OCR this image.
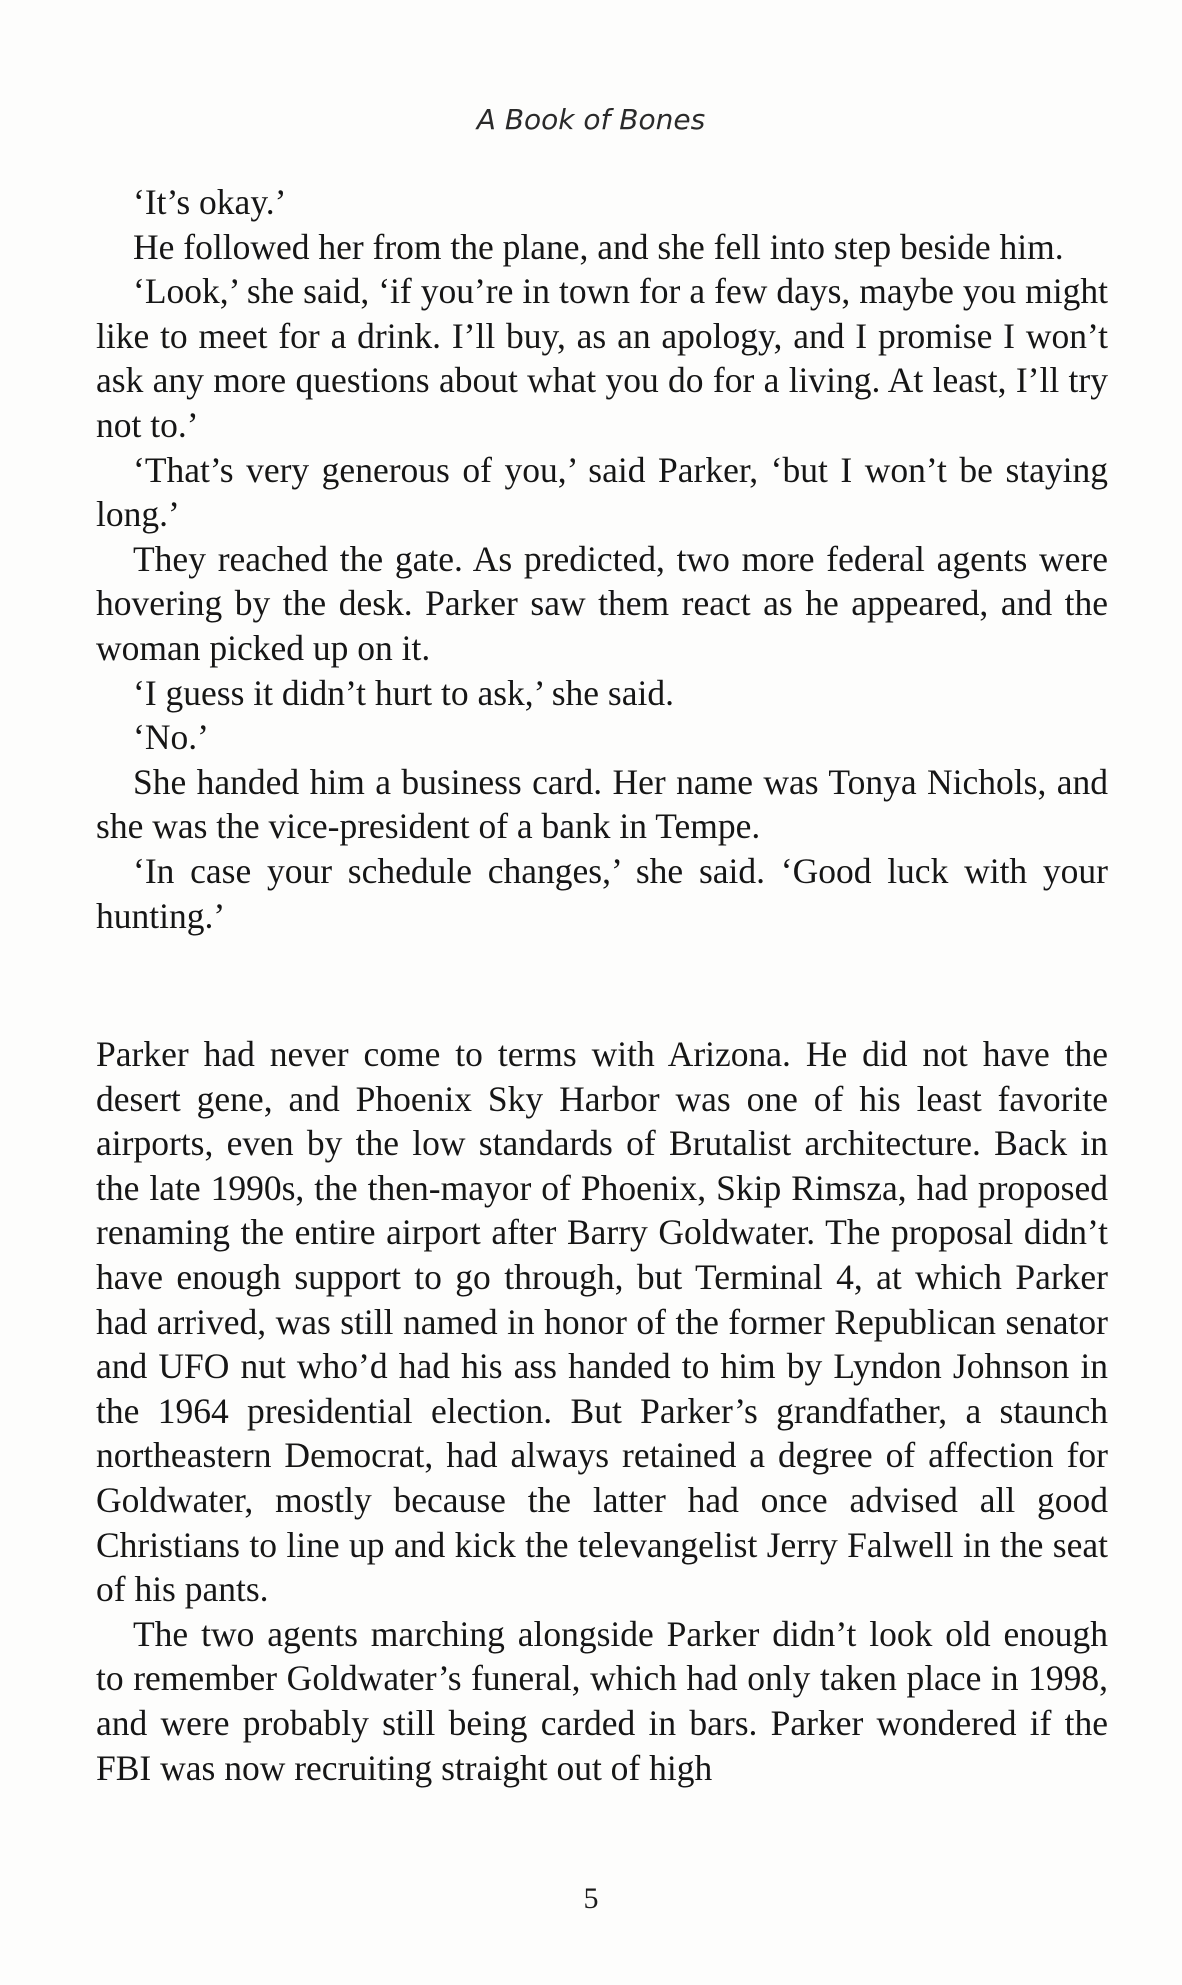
A Book of Bones

‘It’s okay.’

He followed her from the plane, and she fell into step beside him.

‘Look,’ she said, ‘if you’re in town for a few days, maybe you might like to meet for a drink. I’ll buy, as an apology, and I promise I won’t ask any more questions about what you do for a living. At least, I’ll try not to.’

‘That’s very generous of you,’ said Parker, ‘but I won’t be staying long.’

They reached the gate. As predicted, two more federal agents were hovering by the desk. Parker saw them react as he appeared, and the woman picked up on it.

‘I guess it didn’t hurt to ask,’ she said.

‘No.’

She handed him a business card. Her name was Tonya Nichols, and she was the vice-president of a bank in Tempe.

‘In case your schedule changes,’ she said. ‘Good luck with your hunting.’

Parker had never come to terms with Arizona. He did not have the desert gene, and Phoenix Sky Harbor was one of his least favorite airports, even by the low standards of Brutalist architecture. Back in the late 1990s, the then-mayor of Phoenix, Skip Rimsza, had proposed renaming the entire airport after Barry Goldwater. The proposal didn’t have enough support to go through, but Terminal 4, at which Parker had arrived, was still named in honor of the former Republican senator and UFO nut who’d had his ass handed to him by Lyndon Johnson in the 1964 presidential election. But Parker’s grandfather, a staunch northeastern Democrat, had always retained a degree of affection for Goldwater, mostly because the latter had once advised all good Christians to line up and kick the televangelist Jerry Falwell in the seat of his pants.

The two agents marching alongside Parker didn’t look old enough to remember Goldwater’s funeral, which had only taken place in 1998, and were probably still being carded in bars. Parker wondered if the FBI was now recruiting straight out of high

5
